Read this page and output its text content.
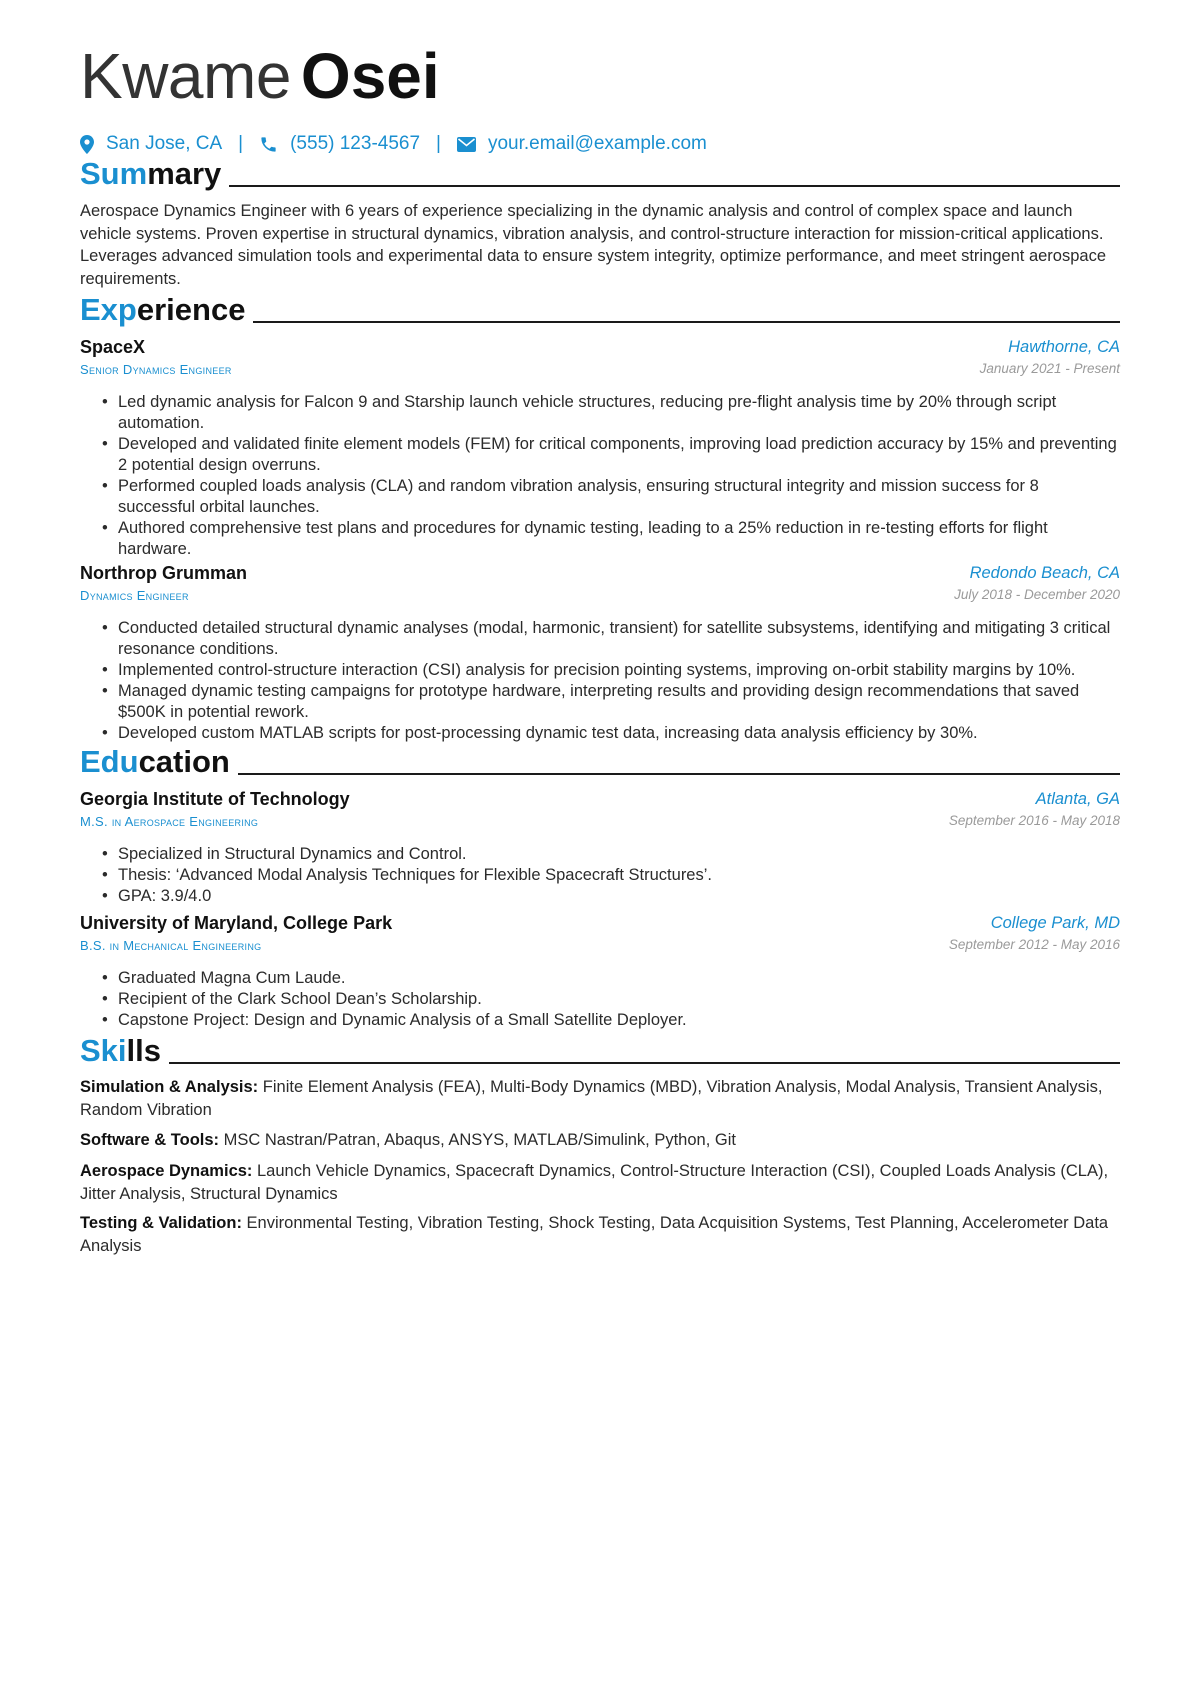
Kwame Osei
San Jose, CA | (555) 123-4567 | your.email@example.com
Summary
Aerospace Dynamics Engineer with 6 years of experience specializing in the dynamic analysis and control of complex space and launch vehicle systems. Proven expertise in structural dynamics, vibration analysis, and control-structure interaction for mission-critical applications. Leverages advanced simulation tools and experimental data to ensure system integrity, optimize performance, and meet stringent aerospace requirements.
Experience
SpaceX	Hawthorne, CA
Senior Dynamics Engineer	January 2021 - Present
• Led dynamic analysis for Falcon 9 and Starship launch vehicle structures, reducing pre-flight analysis time by 20% through script automation.
• Developed and validated finite element models (FEM) for critical components, improving load prediction accuracy by 15% and preventing 2 potential design overruns.
• Performed coupled loads analysis (CLA) and random vibration analysis, ensuring structural integrity and mission success for 8 successful orbital launches.
• Authored comprehensive test plans and procedures for dynamic testing, leading to a 25% reduction in re-testing efforts for flight hardware.
Northrop Grumman	Redondo Beach, CA
Dynamics Engineer	July 2018 - December 2020
• Conducted detailed structural dynamic analyses (modal, harmonic, transient) for satellite subsystems, identifying and mitigating 3 critical resonance conditions.
• Implemented control-structure interaction (CSI) analysis for precision pointing systems, improving on-orbit stability margins by 10%.
• Managed dynamic testing campaigns for prototype hardware, interpreting results and providing design recommendations that saved $500K in potential rework.
• Developed custom MATLAB scripts for post-processing dynamic test data, increasing data analysis efficiency by 30%.
Education
Georgia Institute of Technology	Atlanta, GA
M.S. in Aerospace Engineering	September 2016 - May 2018
• Specialized in Structural Dynamics and Control.
• Thesis: ‘Advanced Modal Analysis Techniques for Flexible Spacecraft Structures’.
• GPA: 3.9/4.0
University of Maryland, College Park	College Park, MD
B.S. in Mechanical Engineering	September 2012 - May 2016
• Graduated Magna Cum Laude.
• Recipient of the Clark School Dean’s Scholarship.
• Capstone Project: Design and Dynamic Analysis of a Small Satellite Deployer.
Skills
Simulation & Analysis: Finite Element Analysis (FEA), Multi-Body Dynamics (MBD), Vibration Analysis, Modal Analysis, Transient Analysis, Random Vibration
Software & Tools: MSC Nastran/Patran, Abaqus, ANSYS, MATLAB/Simulink, Python, Git
Aerospace Dynamics: Launch Vehicle Dynamics, Spacecraft Dynamics, Control-Structure Interaction (CSI), Coupled Loads Analysis (CLA), Jitter Analysis, Structural Dynamics
Testing & Validation: Environmental Testing, Vibration Testing, Shock Testing, Data Acquisition Systems, Test Planning, Accelerometer Data Analysis
